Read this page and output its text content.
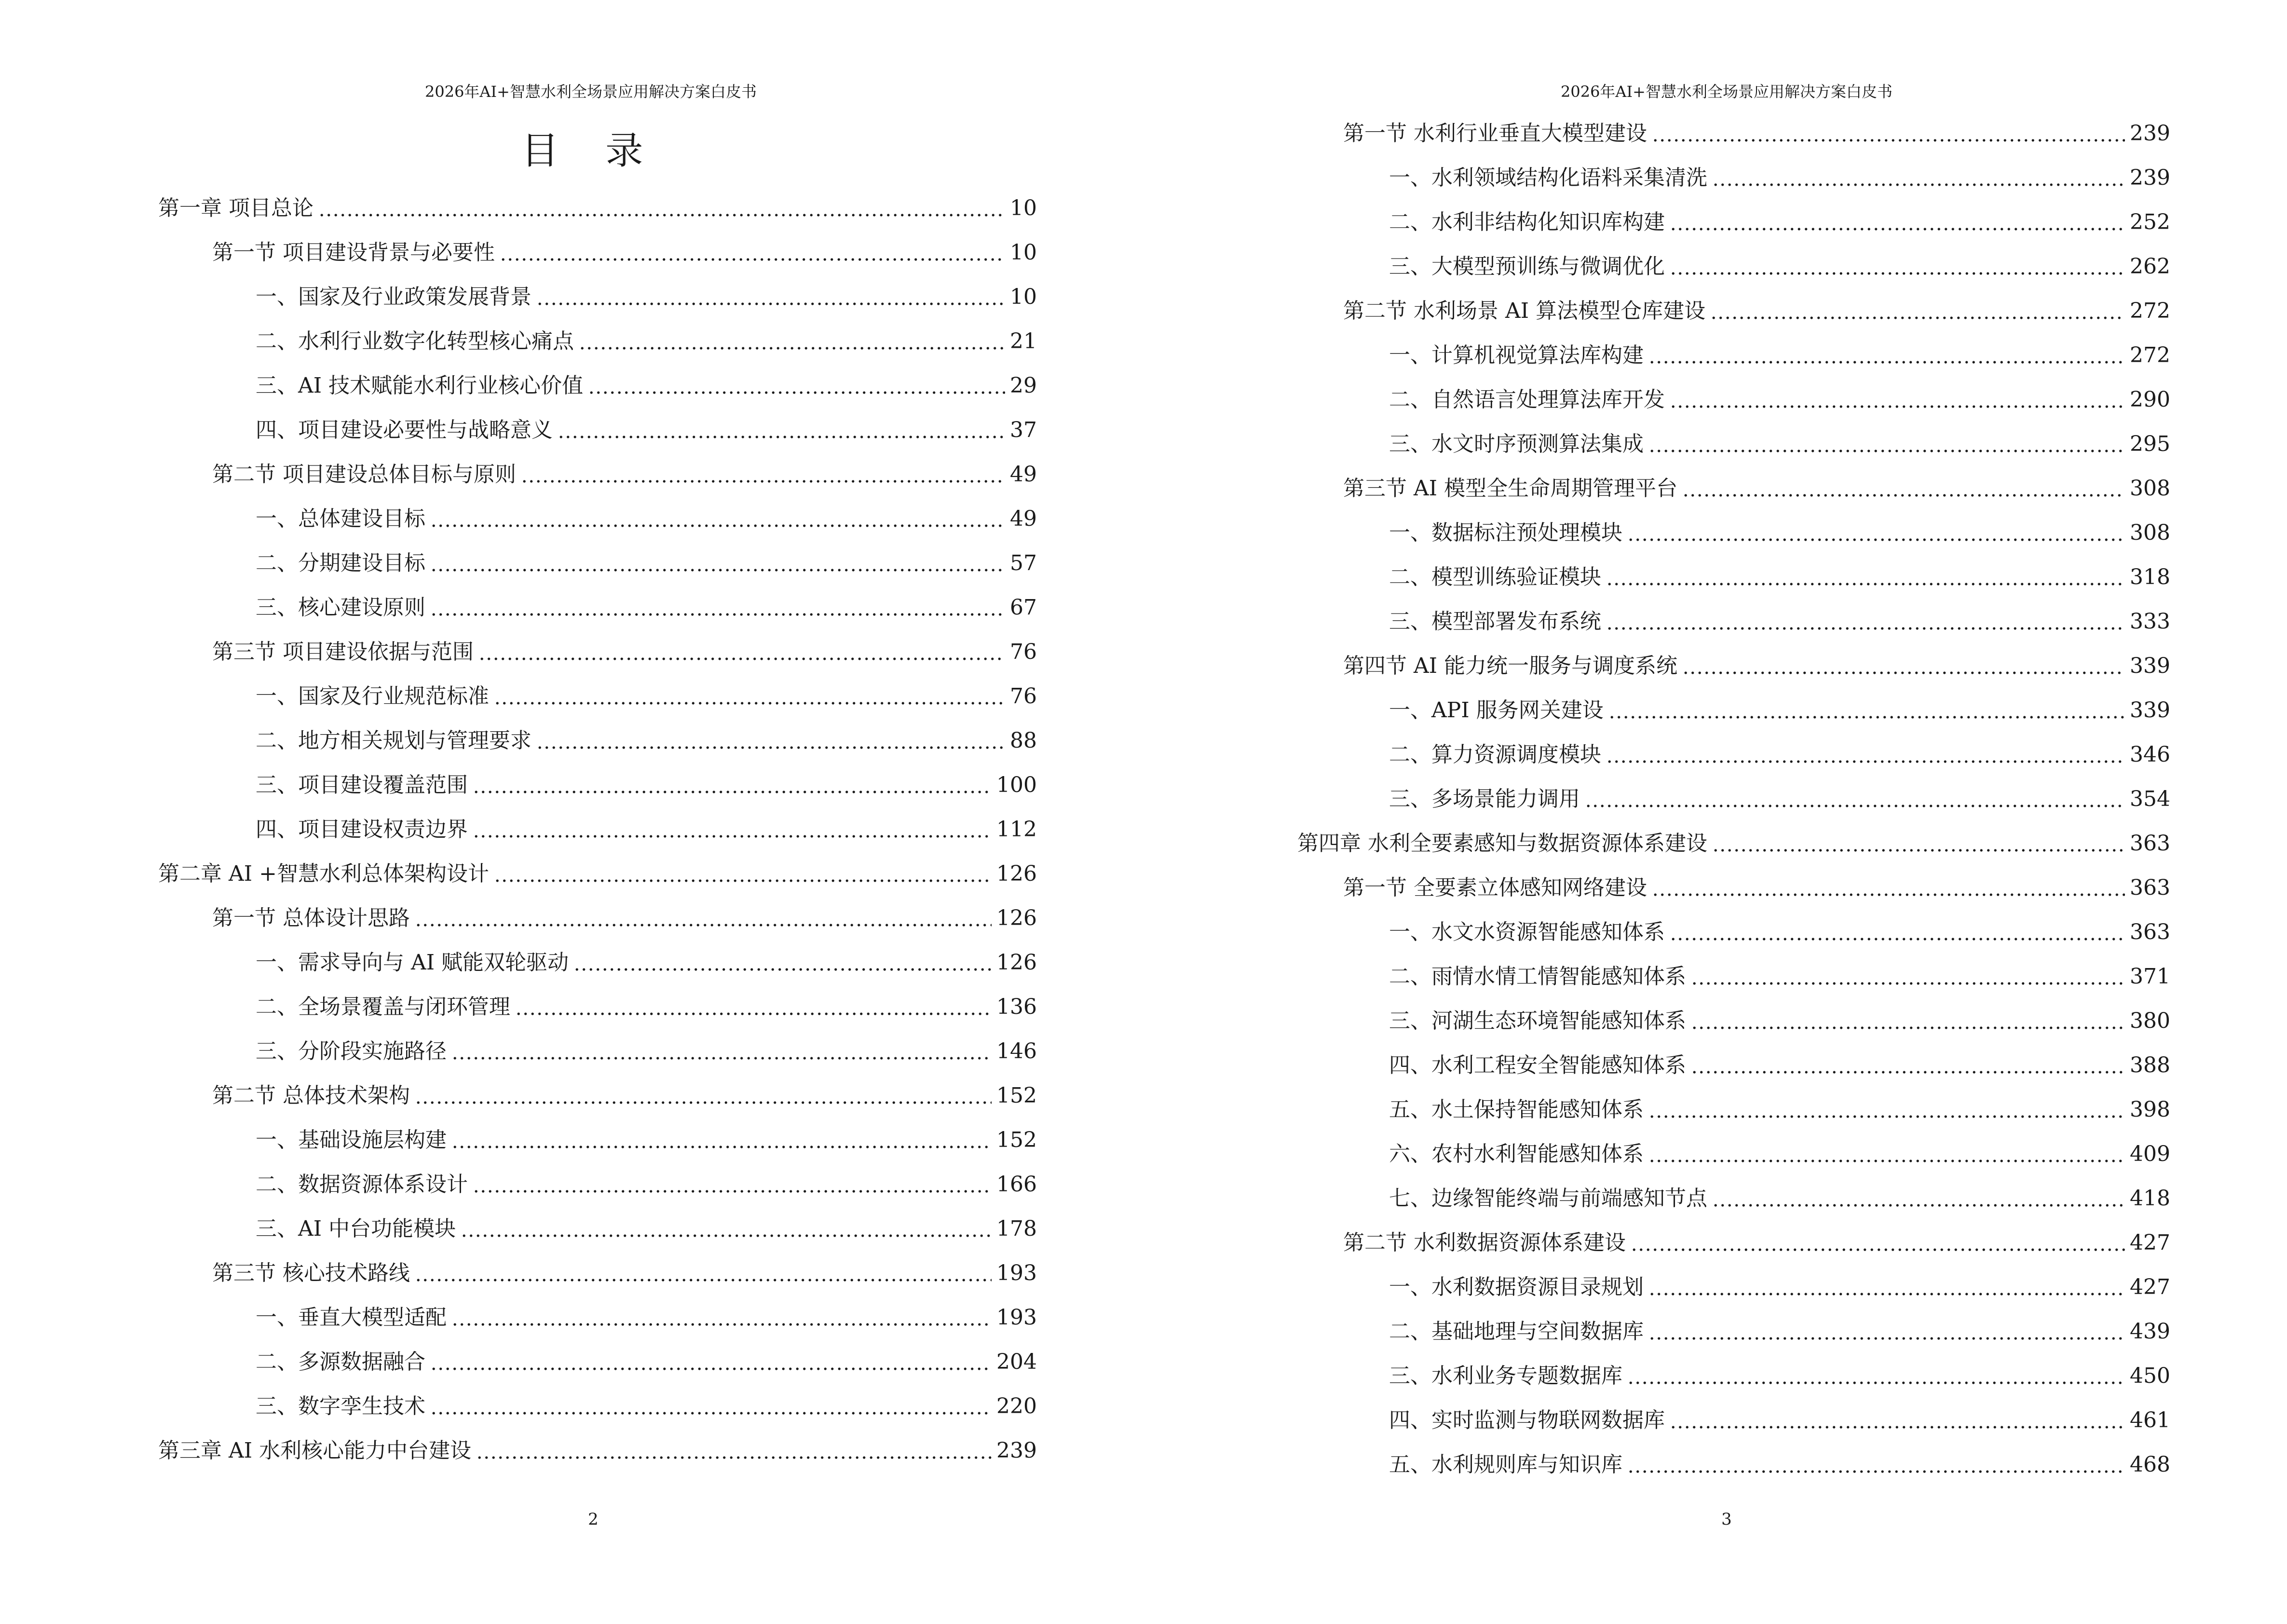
2026年AI+智慧水利全场景应用解决方案白皮书
目 录
第一章 项目总论	10
第一节 项目建设背景与必要性	10
一、国家及行业政策发展背景	10
二、水利行业数字化转型核心痛点	21
三、AI 技术赋能水利行业核心价值	29
四、项目建设必要性与战略意义	37
第二节 项目建设总体目标与原则	49
一、总体建设目标	49
二、分期建设目标	57
三、核心建设原则	67
第三节 项目建设依据与范围	76
一、国家及行业规范标准	76
二、地方相关规划与管理要求	88
三、项目建设覆盖范围	100
四、项目建设权责边界	112
第二章 AI +智慧水利总体架构设计	126
第一节 总体设计思路	126
一、需求导向与 AI 赋能双轮驱动	126
二、全场景覆盖与闭环管理	136
三、分阶段实施路径	146
第二节 总体技术架构	152
一、基础设施层构建	152
二、数据资源体系设计	166
三、AI 中台功能模块	178
第三节 核心技术路线	193
一、垂直大模型适配	193
二、多源数据融合	204
三、数字孪生技术	220
第三章 AI 水利核心能力中台建设	239
2
2026年AI+智慧水利全场景应用解决方案白皮书
第一节 水利行业垂直大模型建设	239
一、水利领域结构化语料采集清洗	239
二、水利非结构化知识库构建	252
三、大模型预训练与微调优化	262
第二节 水利场景 AI 算法模型仓库建设	272
一、计算机视觉算法库构建	272
二、自然语言处理算法库开发	290
三、水文时序预测算法集成	295
第三节 AI 模型全生命周期管理平台	308
一、数据标注预处理模块	308
二、模型训练验证模块	318
三、模型部署发布系统	333
第四节 AI 能力统一服务与调度系统	339
一、API 服务网关建设	339
二、算力资源调度模块	346
三、多场景能力调用	354
第四章 水利全要素感知与数据资源体系建设	363
第一节 全要素立体感知网络建设	363
一、水文水资源智能感知体系	363
二、雨情水情工情智能感知体系	371
三、河湖生态环境智能感知体系	380
四、水利工程安全智能感知体系	388
五、水土保持智能感知体系	398
六、农村水利智能感知体系	409
七、边缘智能终端与前端感知节点	418
第二节 水利数据资源体系建设	427
一、水利数据资源目录规划	427
二、基础地理与空间数据库	439
三、水利业务专题数据库	450
四、实时监测与物联网数据库	461
五、水利规则库与知识库	468
3
